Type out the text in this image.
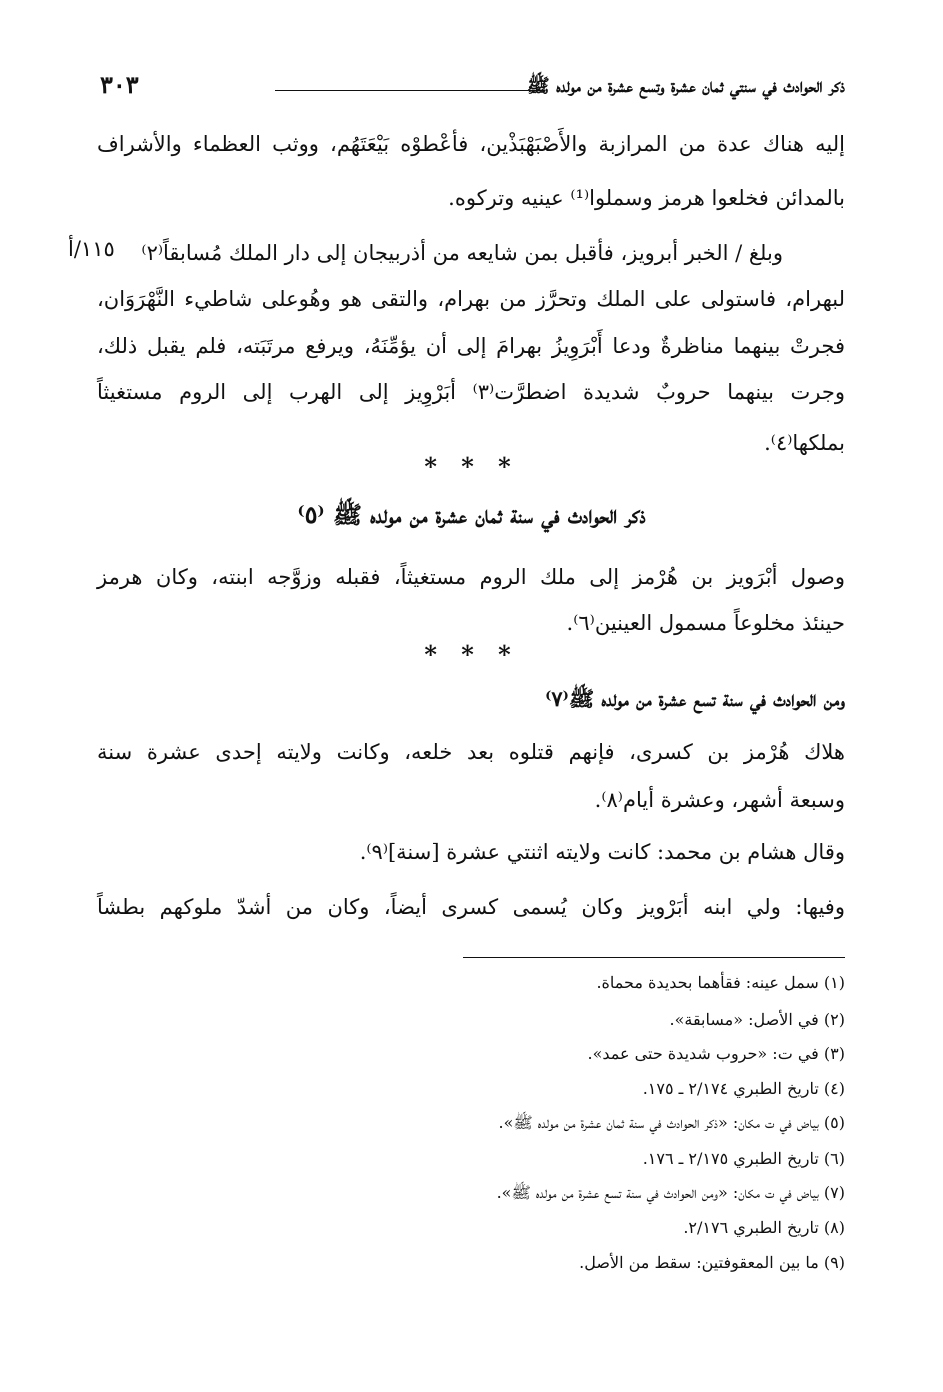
ذكر الحوادث في سنتي ثمان عشرة وتسع عشرة من مولده ﷺ
٣٠٣
إليه هناك عدة من المرازبة والأَصْبَهْبَذْين، فأعْطوْه بَيْعَتَهُم، ووثب العظماء والأشراف
بالمدائن فخلعوا هرمز وسملوا⁽¹⁾ عينيه وتركوه.
وبلغ / الخبر أبرويز، فأقبل بمن شايعه من أذربيجان إلى دار الملك مُسابقاً⁽٢⁾
١١٥/أ
لبهرام، فاستولى على الملك وتحرَّز من بهرام، والتقى هو وهُوعلى شاطيء النَّهْرَوَان،
فجرتْ بينهما مناظرةٌ ودعا أَبْرَوِيزُ بهرامَ إلى أن يؤمِّنَهُ، ويرفع مرتَبَته، فلم يقبل ذلك،
وجرت بينهما حروبٌ شديدة اضطرَّت⁽٣⁾ أبَرْوِيز إلى الهرب إلى الروم مستغيثاً
بملكها⁽٤⁾.
* * *
ذكر الحوادث في سنة ثمان عشرة من مولده ﷺ ⁽٥⁾
وصول أبْرَويز بن هُرْمز إلى ملك الروم مستغيثاً، فقبله وزوَّجه ابنته، وكان هرمز
حينئذ مخلوعاً مسمول العينين⁽٦⁾.
* * *
ومن الحوادث في سنة تسع عشرة من مولده ﷺ⁽٧⁾
هلاك هُرْمز بن كسرى، فإنهم قتلوه بعد خلعه، وكانت ولايته إحدى عشرة سنة
وسبعة أشهر، وعشرة أيام⁽٨⁾.
وقال هشام بن محمد: كانت ولايته اثنتي عشرة [سنة]⁽٩⁾.
وفيها: ولي ابنه أبَرْويز وكان يُسمى كسرى أيضاً، وكان من أشدّ ملوكهم بطشاً
(١) سمل عينه: فقأهما بحديدة محماة.
(٢) في الأصل: «مسابقة».
(٣) في ت: «حروب شديدة حتى عمد».
(٤) تاريخ الطبري ٢/١٧٤ ـ ١٧٥.
(٥) بياض في ت مكان: «ذكر الحوادث في سنة ثمان عشرة من مولده ﷺ».
(٦) تاريخ الطبري ٢/١٧٥ ـ ١٧٦.
(٧) بياض في ت مكان: «ومن الحوادث في سنة تسع عشرة من مولده ﷺ».
(٨) تاريخ الطبري ٢/١٧٦.
(٩) ما بين المعقوفتين: سقط من الأصل.
